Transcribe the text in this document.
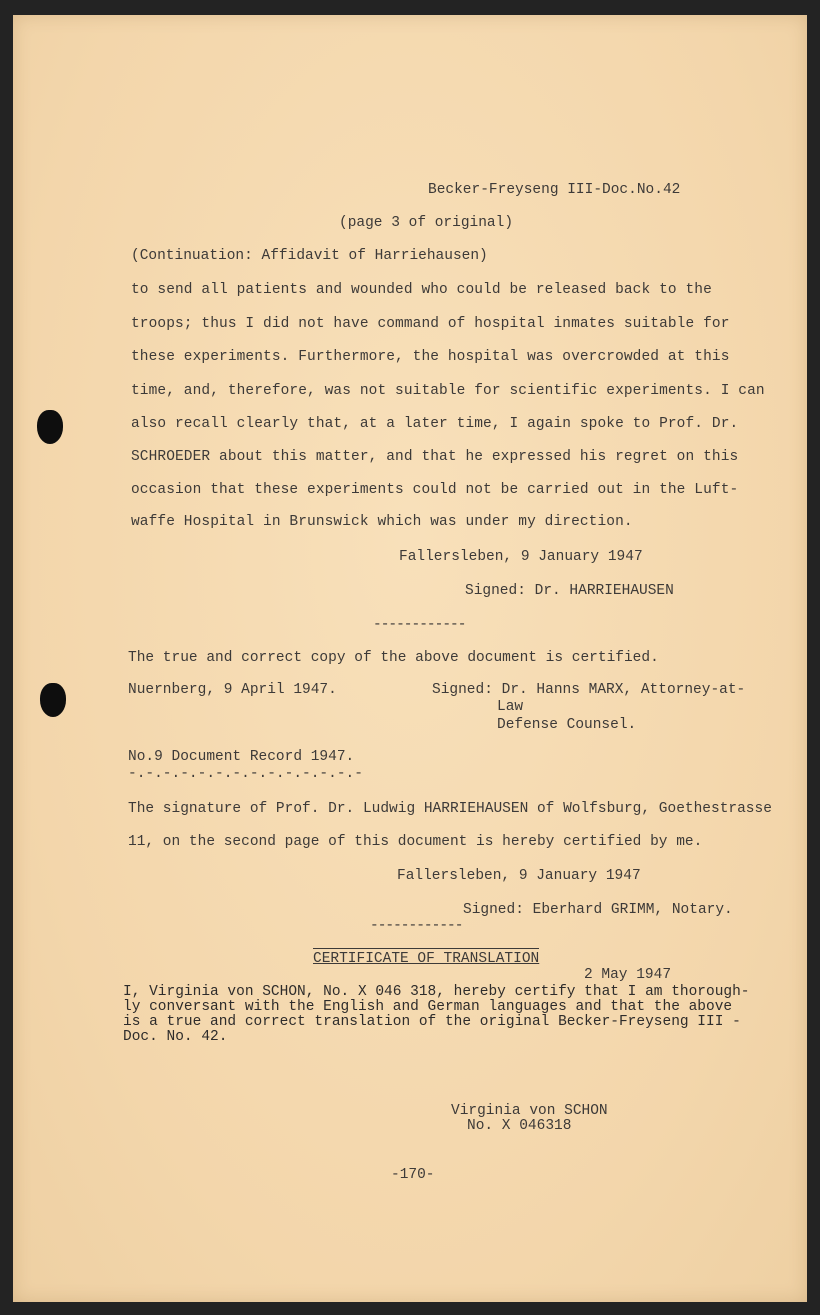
Becker-Freyseng III-Doc.No.42
(page 3 of original)
(Continuation: Affidavit of Harriehausen)
to send all patients and wounded who could be released back to the
troops; thus I did not have command of hospital inmates suitable for
these experiments. Furthermore, the hospital was overcrowded at this
time, and, therefore, was not suitable for scientific experiments. I can
also recall clearly that, at a later time, I again spoke to Prof. Dr.
SCHROEDER about this matter, and that he expressed his regret on this
occasion that these experiments could not be carried out in the Luft-
waffe Hospital in Brunswick which was under my direction.
Fallersleben, 9 January 1947
Signed: Dr. HARRIEHAUSEN
------------
The true and correct copy of the above document is certified.
Nuernberg, 9 April 1947.	Signed: Dr. Hanns MARX, Attorney-at-
Law
Defense Counsel.
No.9 Document Record 1947.
-.-.-.-.-.-.-.-.-.-.-.-.-.-
The signature of Prof. Dr. Ludwig HARRIEHAUSEN of Wolfsburg, Goethestrasse
11, on the second page of this document is hereby certified by me.
Fallersleben, 9 January 1947
Signed: Eberhard GRIMM, Notary.
------------
CERTIFICATE OF TRANSLATION
2 May 1947
I, Virginia von SCHON, No. X 046 318, hereby certify that I am thorough-
ly conversant with the English and German languages and that the above
is a true and correct translation of the original Becker-Freyseng III -
Doc. No. 42.
Virginia von SCHON
No. X 046318
-170-
